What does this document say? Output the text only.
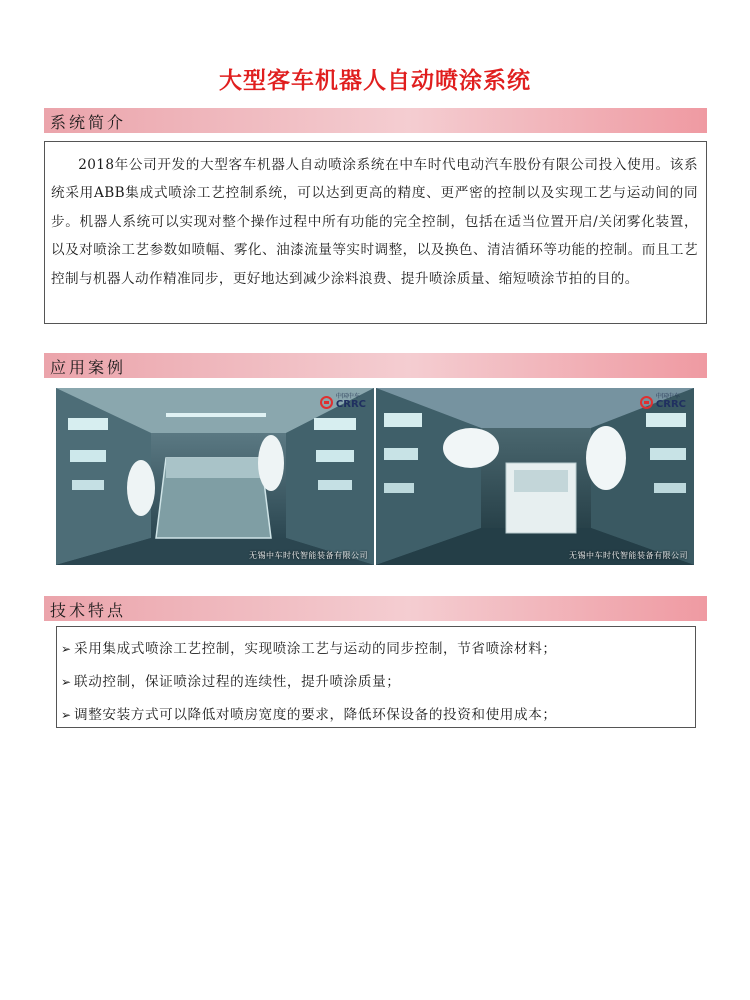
大型客车机器人自动喷涂系统
系统简介

2018年公司开发的大型客车机器人自动喷涂系统在中车时代电动汽车股份有限公司投入使用。该系统采用ABB集成式喷涂工艺控制系统，可以达到更高的精度、更严密的控制以及实现工艺与运动间的同步。机器人系统可以实现对整个操作过程中所有功能的完全控制，包括在适当位置开启/关闭雾化装置，以及对喷涂工艺参数如喷幅、雾化、油漆流量等实时调整，以及换色、清洁循环等功能的控制。而且工艺控制与机器人动作精准同步，更好地达到减少涂料浪费、提升喷涂质量、缩短喷涂节拍的目的。

应用案例
中国中车
CRRC
无锡中车时代智能装备有限公司
中国中车
CRRC
无锡中车时代智能装备有限公司
技术特点
➢ 采用集成式喷涂工艺控制，实现喷涂工艺与运动的同步控制，节省喷涂材料；
➢ 联动控制，保证喷涂过程的连续性，提升喷涂质量；
➢ 调整安装方式可以降低对喷房宽度的要求，降低环保设备的投资和使用成本；
